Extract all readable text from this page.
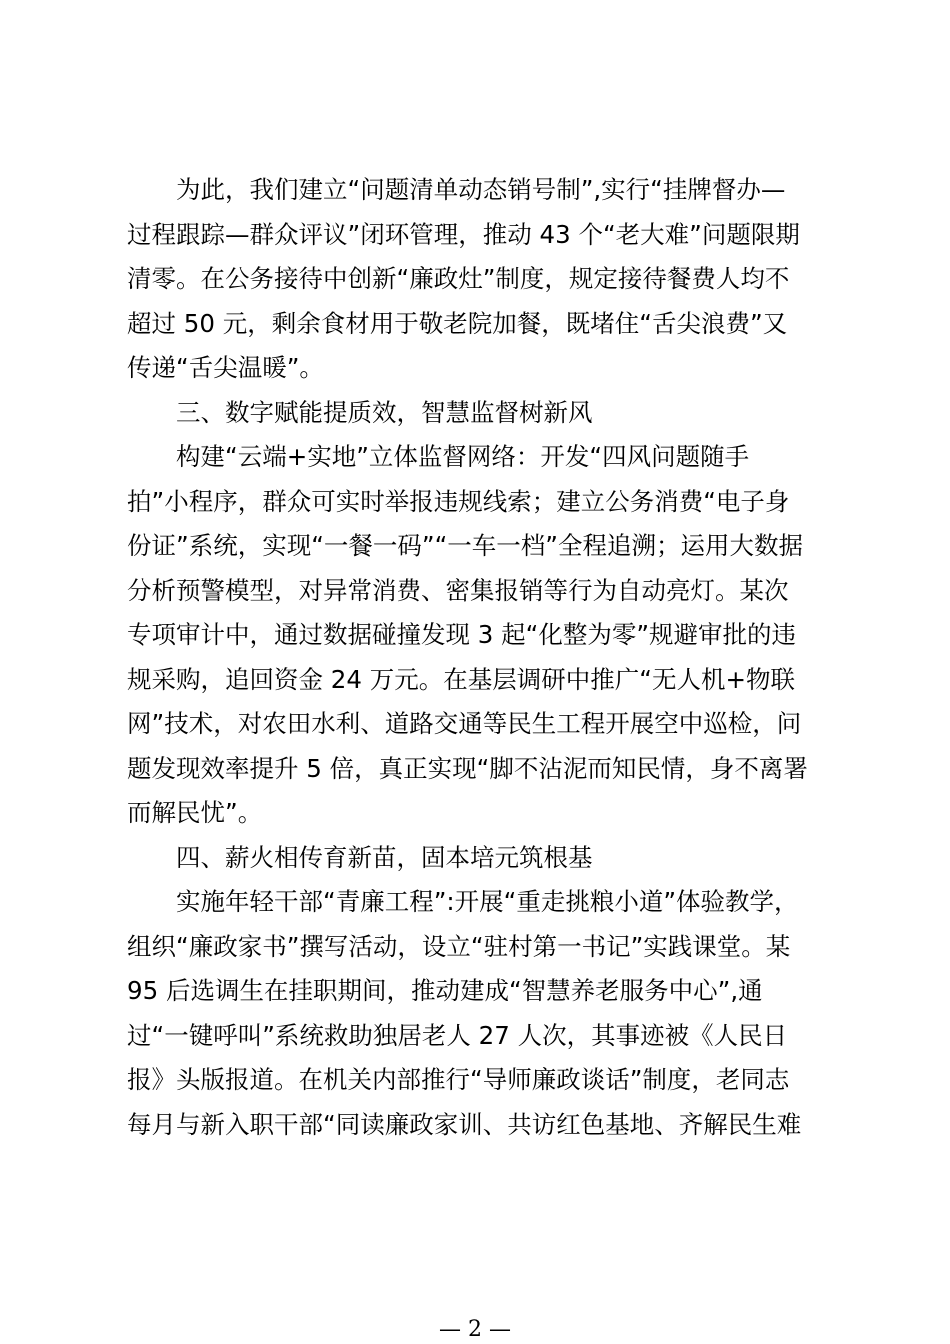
为此，我们建立“问题清单动态销号制”,实行“挂牌督办—
过程跟踪—群众评议”闭环管理，推动 43 个“老大难”问题限期
清零。在公务接待中创新“廉政灶”制度，规定接待餐费人均不
超过 50 元，剩余食材用于敬老院加餐，既堵住“舌尖浪费”又
传递“舌尖温暖”。

三、数字赋能提质效，智慧监督树新风

构建“云端+实地”立体监督网络：开发“四风问题随手
拍”小程序，群众可实时举报违规线索；建立公务消费“电子身
份证”系统，实现“一餐一码”“一车一档”全程追溯；运用大数据
分析预警模型，对异常消费、密集报销等行为自动亮灯。某次
专项审计中，通过数据碰撞发现 3 起“化整为零”规避审批的违
规采购，追回资金 24 万元。在基层调研中推广“无人机+物联
网”技术，对农田水利、道路交通等民生工程开展空中巡检，问
题发现效率提升 5 倍，真正实现“脚不沾泥而知民情，身不离署
而解民忧”。

四、薪火相传育新苗，固本培元筑根基

实施年轻干部“青廉工程”:开展“重走挑粮小道”体验教学，
组织“廉政家书”撰写活动，设立“驻村第一书记”实践课堂。某
95 后选调生在挂职期间，推动建成“智慧养老服务中心”,通
过“一键呼叫”系统救助独居老人 27 人次，其事迹被《人民日
报》头版报道。在机关内部推行“导师廉政谈话”制度，老同志
每月与新入职干部“同读廉政家训、共访红色基地、齐解民生难

— 2 —
